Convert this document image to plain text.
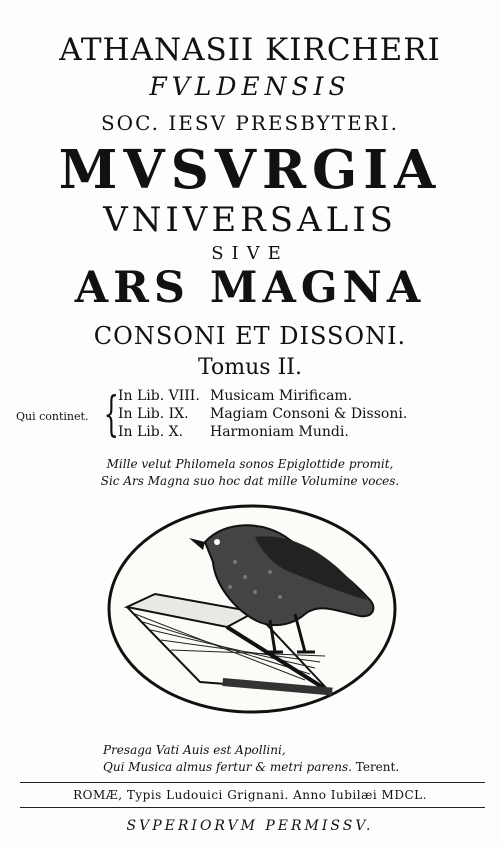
ATHANASII KIRCHERI
FVLDENSIS
SOC. IESV PRESBYTERI.
MVSVRGIA
VNIVERSALIS
SIVE
ARS MAGNA
CONSONI ET DISSONI.
Tomus II.
Qui continet. { In Lib. VIII. Musicam Mirificam.
In Lib. IX. Magiam Consoni & Dissoni.
In Lib. X. Harmoniam Mundi.
Mille velut Philomela sonos Epiglottide promit,
Sic Ars Magna suo hoc dat mille Volumine voces.
Presaga Vati Auis est Apollini,
Qui Musica almus fertur & metri parens. Terent.
ROMÆ, Typis Ludouici Grignani. Anno Iubilæi MDCL.
SVPERIORVM PERMISSV.
